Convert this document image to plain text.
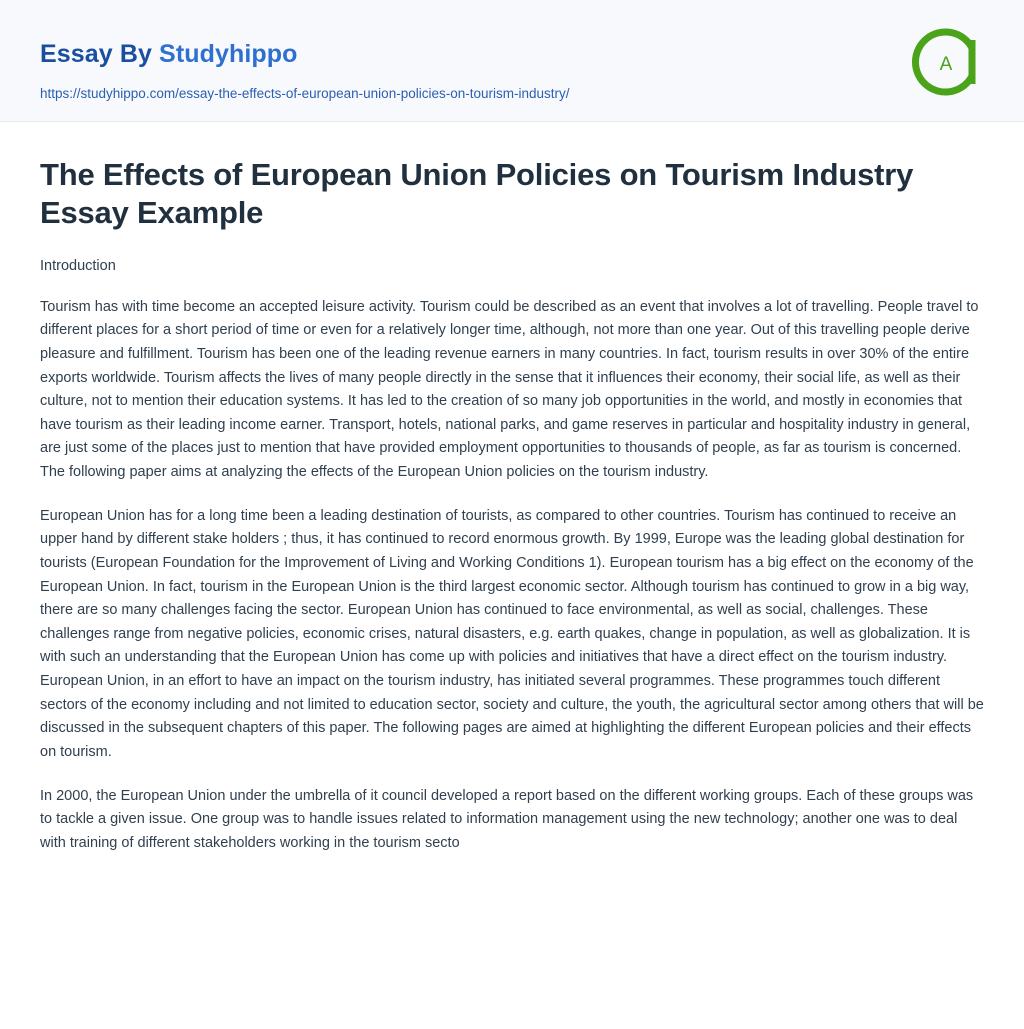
Essay By Studyhippo
https://studyhippo.com/essay-the-effects-of-european-union-policies-on-tourism-industry/
A
The Effects of European Union Policies on Tourism Industry Essay Example

Introduction

Tourism has with time become an accepted leisure activity. Tourism could be described as an event that involves a lot of travelling. People travel to different places for a short period of time or even for a relatively longer time, although, not more than one year. Out of this travelling people derive pleasure and fulfillment. Tourism has been one of the leading revenue earners in many countries. In fact, tourism results in over 30% of the entire exports worldwide. Tourism affects the lives of many people directly in the sense that it influences their economy, their social life, as well as their culture, not to mention their education systems. It has led to the creation of so many job opportunities in the world, and mostly in economies that have tourism as their leading income earner. Transport, hotels, national parks, and game reserves in particular and hospitality industry in general, are just some of the places just to mention that have provided employment opportunities to thousands of people, as far as tourism is concerned. The following paper aims at analyzing the effects of the European Union policies on the tourism industry.

European Union has for a long time been a leading destination of tourists, as compared to other countries. Tourism has continued to receive an upper hand by different stake holders ; thus, it has continued to record enormous growth. By 1999, Europe was the leading global destination for tourists (European Foundation for the Improvement of Living and Working Conditions 1). European tourism has a big effect on the economy of the European Union. In fact, tourism in the European Union is the third largest economic sector. Although tourism has continued to grow in a big way, there are so many challenges facing the sector. European Union has continued to face environmental, as well as social, challenges. These challenges range from negative policies, economic crises, natural disasters, e.g. earth quakes, change in population, as well as globalization. It is with such an understanding that the European Union has come up with policies and initiatives that have a direct effect on the tourism industry. European Union, in an effort to have an impact on the tourism industry, has initiated several programmes. These programmes touch different sectors of the economy including and not limited to education sector, society and culture, the youth, the agricultural sector among others that will be discussed in the subsequent chapters of this paper. The following pages are aimed at highlighting the different European policies and their effects on tourism.

In 2000, the European Union under the umbrella of it council developed a report based on the different working groups. Each of these groups was to tackle a given issue. One group was to handle issues related to information management using the new technology; another one was to deal with training of different stakeholders working in the tourism secto
